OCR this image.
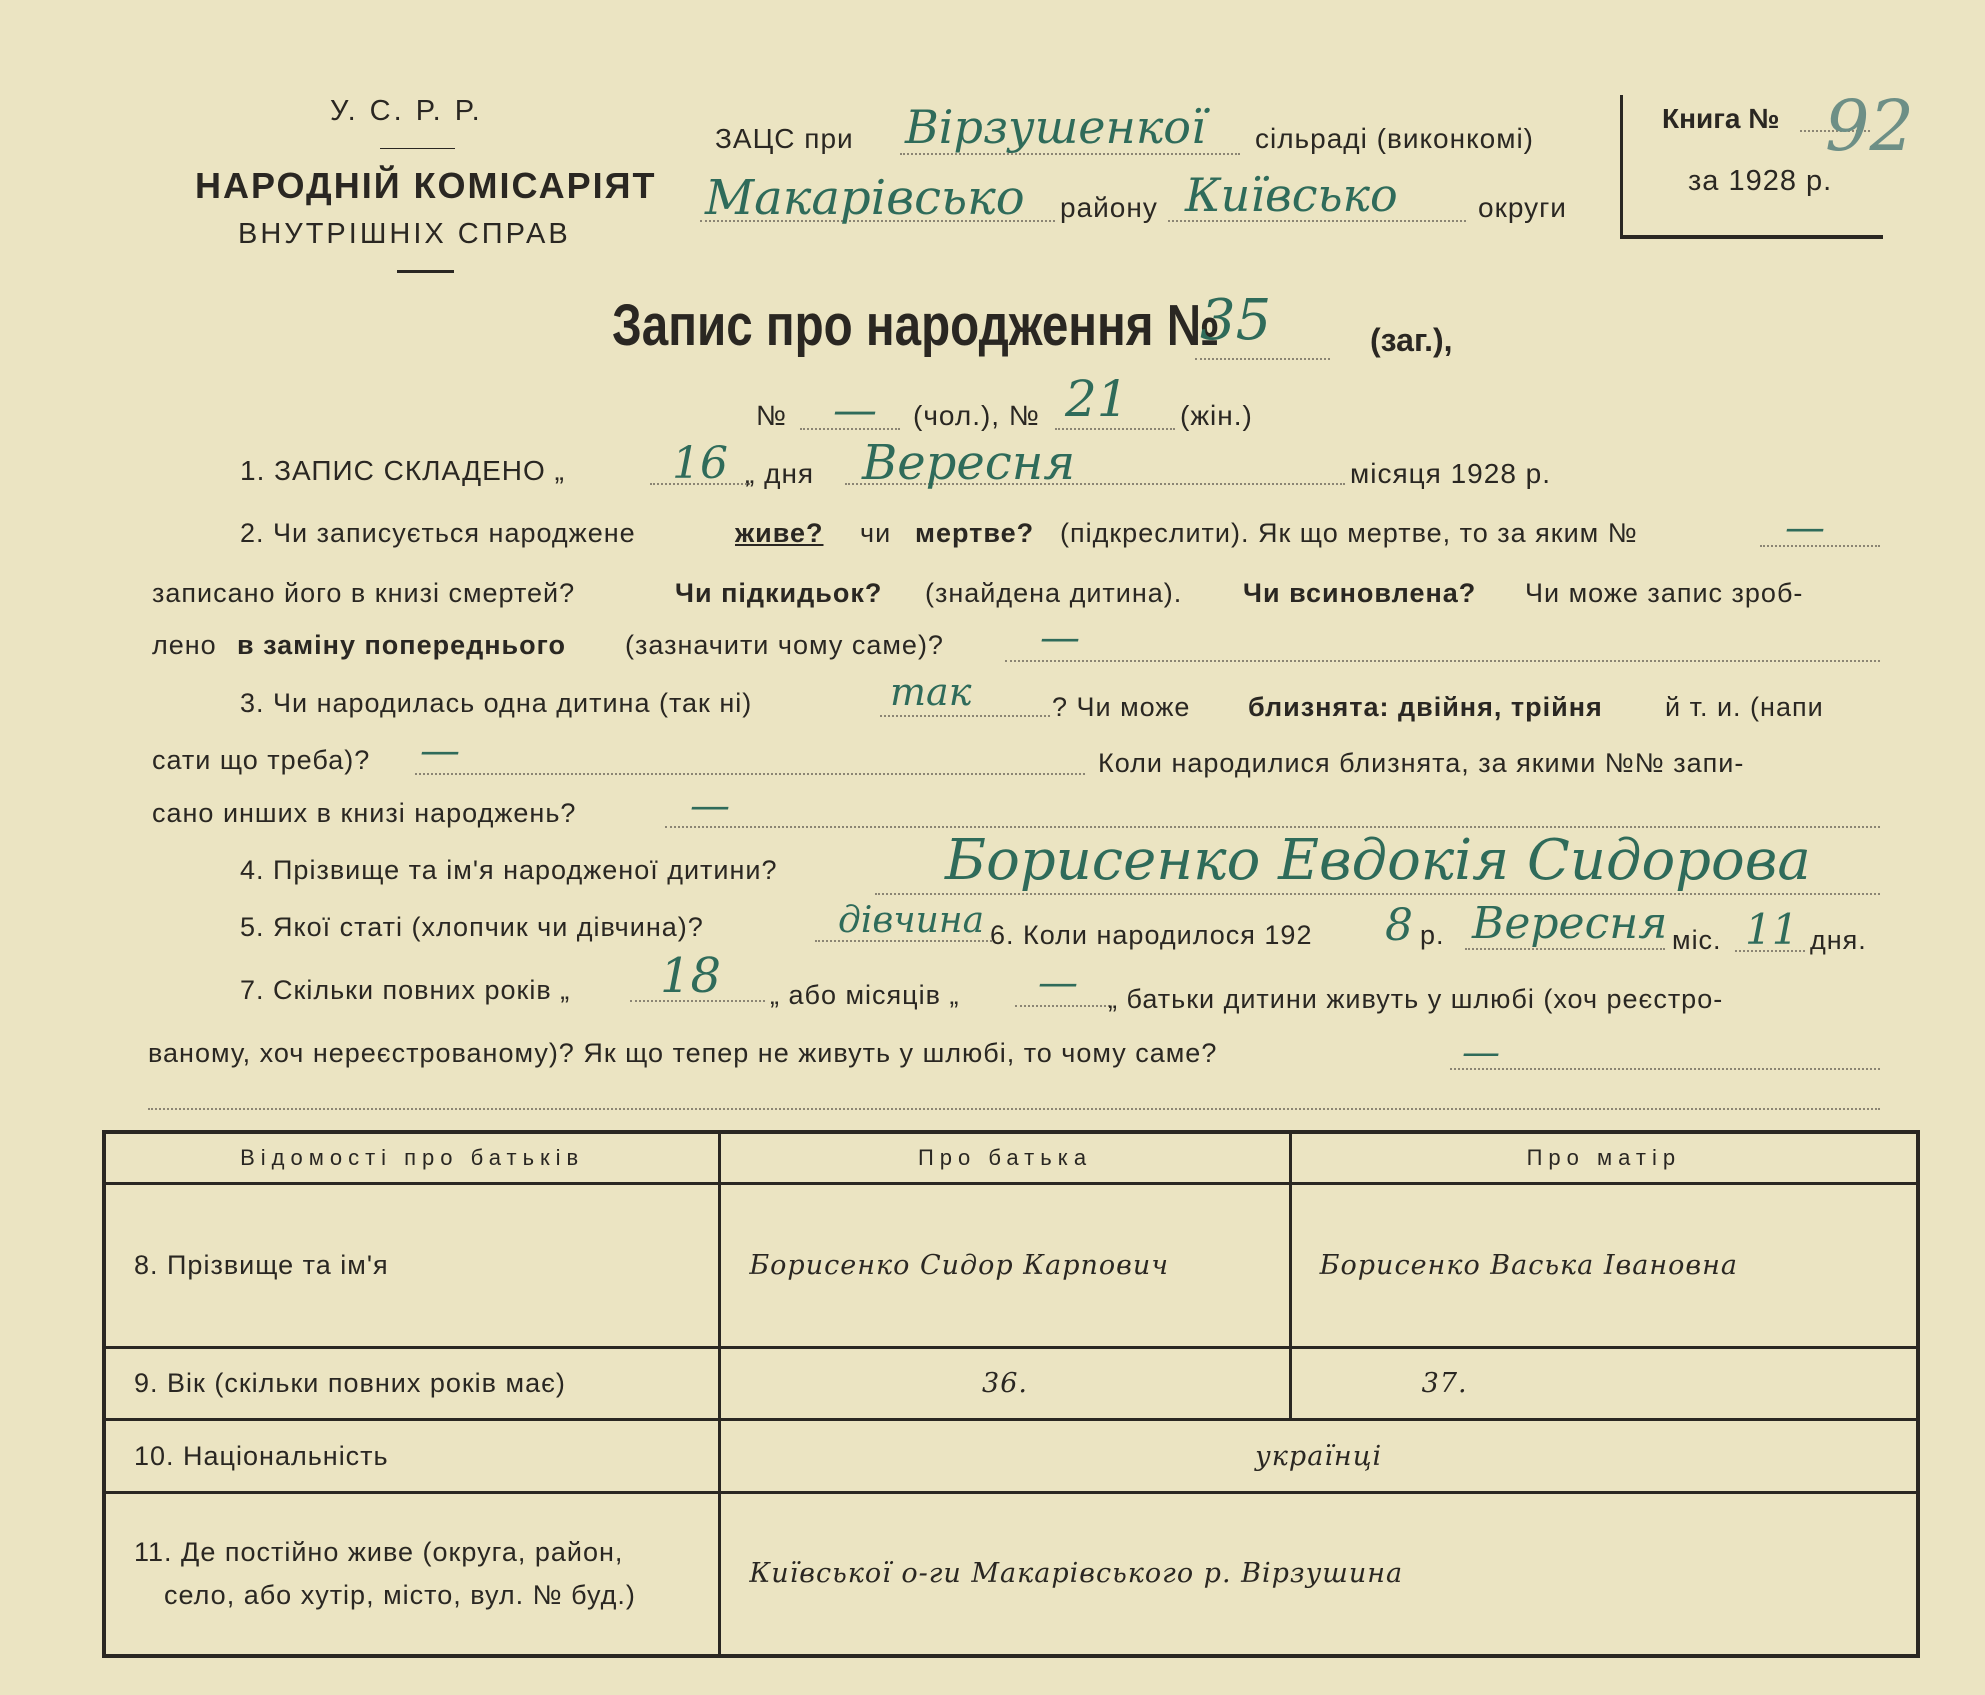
У. С. Р. Р.
НАРОДНІЙ КОМІСАРІЯТ
ВНУТРІШНІХ СПРАВ
ЗАЦС при Вірзушенкої сільраді (виконкомі)
Макарівсько району Київсько	округи
Книга № 92
за 1928 р.
Запис про народження №
35	(заг.),
№ — (чол.), № 21 (жін.)
1. ЗАПИС СКЛАДЕНО „ 16 „ дня Вересня	місяця 1928 р.
2. Чи записується народжене	живе? чи мертве? (підкреслити). Як що мертве, то за яким №	—
записано його в книзі смертей?	Чи підкидьок? (знайдена дитина). Чи всиновлена? Чи може запис зроб-
лено в заміну попереднього (зазначити чому саме)? —
3. Чи народилась одна дитина (так ні)	так	? Чи може близнята: двійня, трійня й т. и. (напи
сати що треба)? —	Коли народилися близнята, за якими №№ запи-
сано инших в книзі народжень?	—
4. Прізвище та ім'я народженої дитини?	Борисенко Евдокія Сидорова
5. Якої статі (хлопчик чи дівчина)?	дівчина 6. Коли народилося 192 8 р. Вересня міс. 11 дня.
7. Скільки повних років „ 18 „ або місяців „ — „ батьки дитини живуть у шлюбі (хоч реєстро-
ваному, хоч нереєстрованому)? Як що тепер не живуть у шлюбі, то чому саме?	—
Відомості про батьків	Про батька	Про матір
8. Прізвище та ім'я	Борисенко Сидор Карпович	Борисенко Васька Івановна
9. Вік (скільки повних років має)	36.	37.
10. Національність	українці	

11. Де постійно живе (округа, район,
село, або хутір, місто, вул. № буд.)	Київської о-ги Макарівського р. Вірзушина	
